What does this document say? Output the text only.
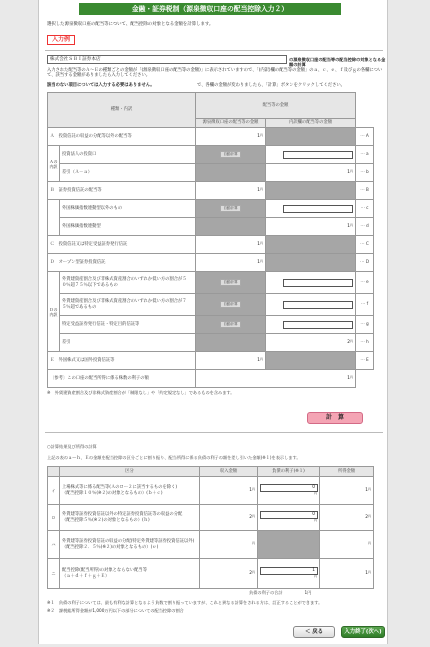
金融・証券税制（源泉徴収口座の配当控除入力２）
選択した源泉徴収口座の配当等について、配当控除の対象となる金額を計算します。
入力例
株式会社ＳＢＩ証券本店	の源泉徴収口座の配当等の配当控除の対象となる金額の計算
入力された配当等のＡ～Ｅの種類ごとの金額が「(源泉徴収口座の配当等の金額)」に表示されていますので、「(内訳)欄の配当等の金額」のａ、ｃ、ｅ、ｆ及びｇの各欄について、該当する金額がありましたら入力してください。
該当のない項目については入力する必要はありません。	で、各欄の金額が変わりましたら、「計算」ボタンをクリックしてください。
種類・内訳		配当等の金額		
		源泉徴収口座の配当等の金額	内訳欄の配当等の金額	
Ａ　投資信託の収益の分配等以外の配当等		$1^円$		⋯ A
Ａの内訳	投資法人の投資口	自動計算		⋯ a
	差引（Ａ－ａ）		$1^円$	⋯ b
Ｂ　証券投資信託の配当等		$1^円$		⋯ B
	外国株価指数連動型以外のもの	自動計算		⋯ c
	外国株価指数連動型		$1^円$	⋯ d
Ｃ　投資信託又は特定受益証券発行信託		$1^円$		⋯ C
Ｄ　オープン型証券投資信託		$1^円$		⋯ D
Ｄの内訳	外貨建資産割合及び非株式資産割合のいずれか低い方の割合が５０％超７５％以下であるもの	自動計算		⋯ e
	外貨建資産割合及び非株式資産割合のいずれか低い方の割合が７５％超であるもの	自動計算		⋯ f
	特定受益証券発行信託・特定目的信託等	自動計算		⋯ g
	差引		$2^円$	⋯ h
Ｅ　外国株式又は国外投資信託等		$1^円$		⋯ E
〔参考〕この口座の配当所得に係る株数の利子の額		$1^円$	
※　外貨建資産割合及び非株式資産割合が「制限なし」や「約定規定なし」であるものを含みます。
計　算
○計算結果及び所得の計算
上記の表のａ～ｈ、Ｅの金額を配当控除の区分ごとに割り振り、配当所得に係る負債の利子の額を差し引いた金額(※１)を表示します。
	区分	収入金額	負債の利子(※１)	所得金額
イ	上場株式等に係る配当等(Ａのロー２に該当するものを除く)
（配当控除１０％(※２)の対象となるもの）(ｂ＋ｃ)	$1^円$	$0^円$	$1^円$
ロ	外貨建等証券投資信託以外の特定証券投資信託等の収益の分配
（配当控除５％(※２)の対象となるもの）(ｈ)	$2^円$	$0^円$	$2^円$
ハ	外貨建等証券投資信託の収益の分配(特定外貨建等証券投資信託以外)
（配当控除２．５％(※２)の対象となるもの）(ｅ)	$^円$		$^円$
ニ	配当控除(配当所得)の対象とならない配当等
（ａ＋ｄ＋ｆ＋ｇ＋Ｅ）	$2^円$	$1^円$	$1^円$
負債の利子の合計	1円
※１　負債の利子については、最も有利な計算となるよう負数で割り振っていますが、これと異なる計算をされる方は、訂正することができます。
※２　課税総所得金額が1,000万円以下の部分についての配当控除の割合
＜ 戻る	入力終了(次へ)＞
